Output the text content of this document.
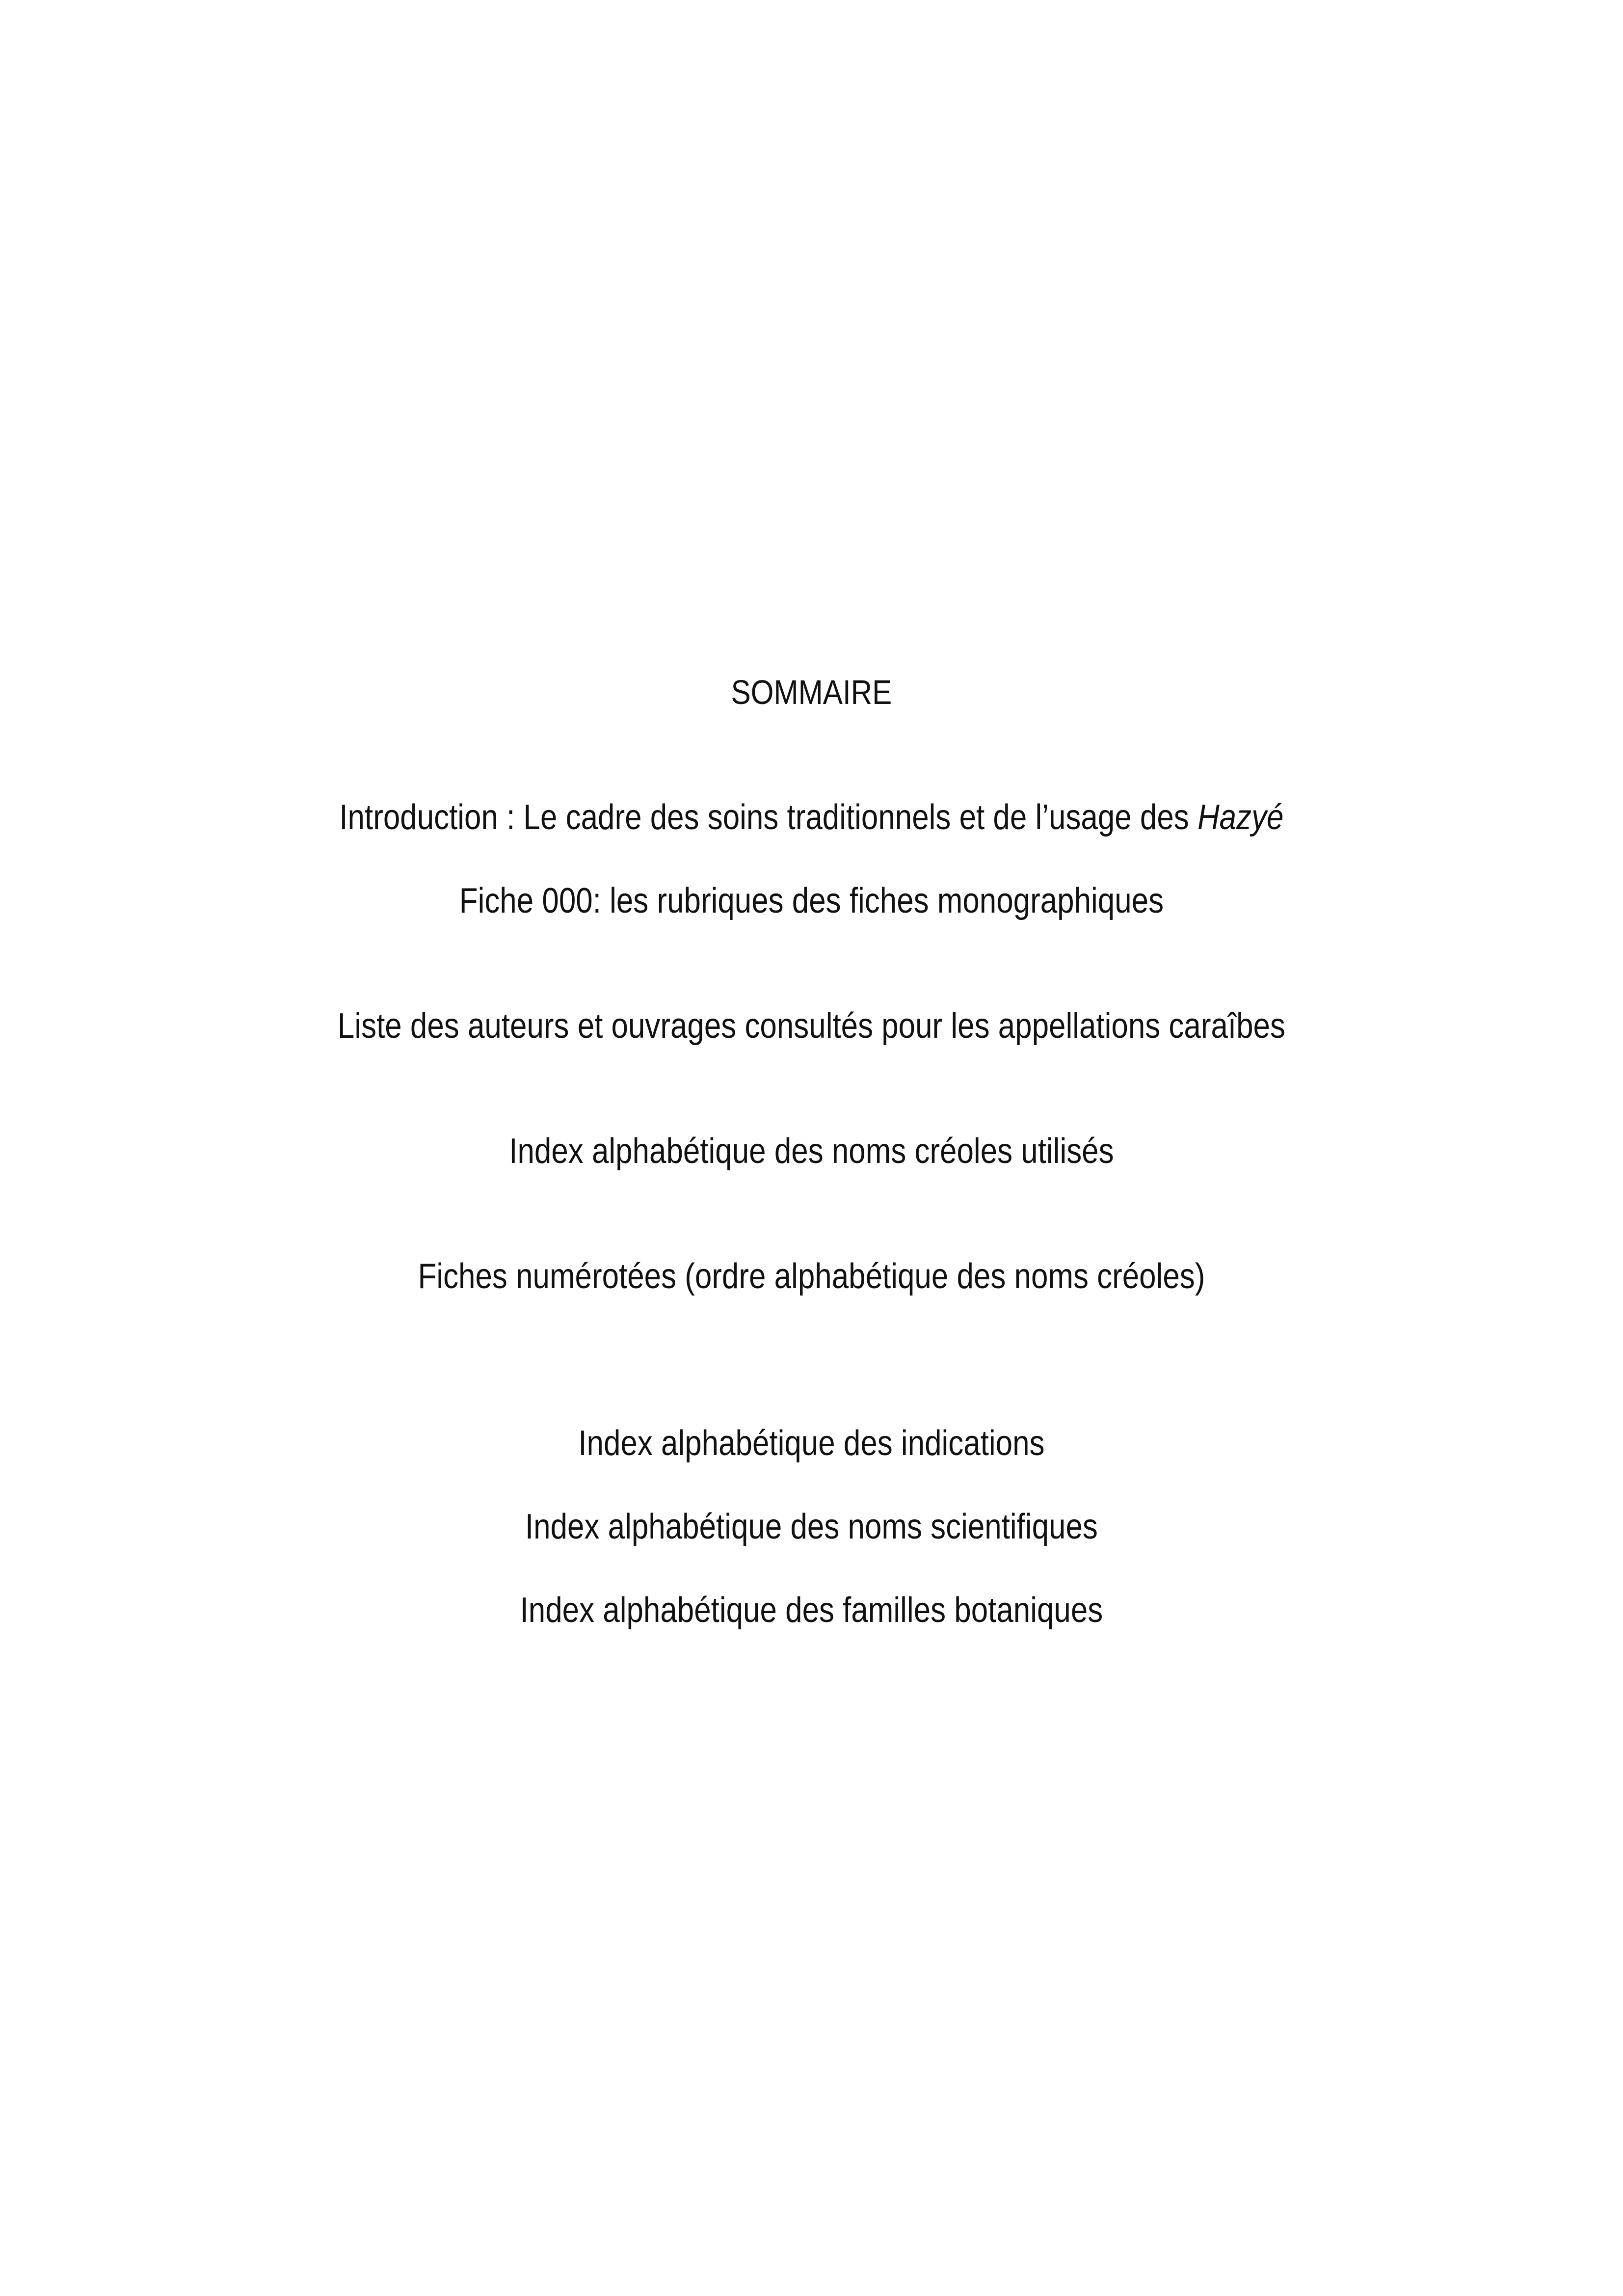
SOMMAIRE
Introduction : Le cadre des soins traditionnels et de l’usage des Hazyé
Fiche 000: les rubriques des fiches monographiques
Liste des auteurs et ouvrages consultés pour les appellations caraîbes
Index alphabétique des noms créoles utilisés
Fiches numérotées (ordre alphabétique des noms créoles)
Index alphabétique des indications
Index alphabétique des noms scientifiques
Index alphabétique des familles botaniques
